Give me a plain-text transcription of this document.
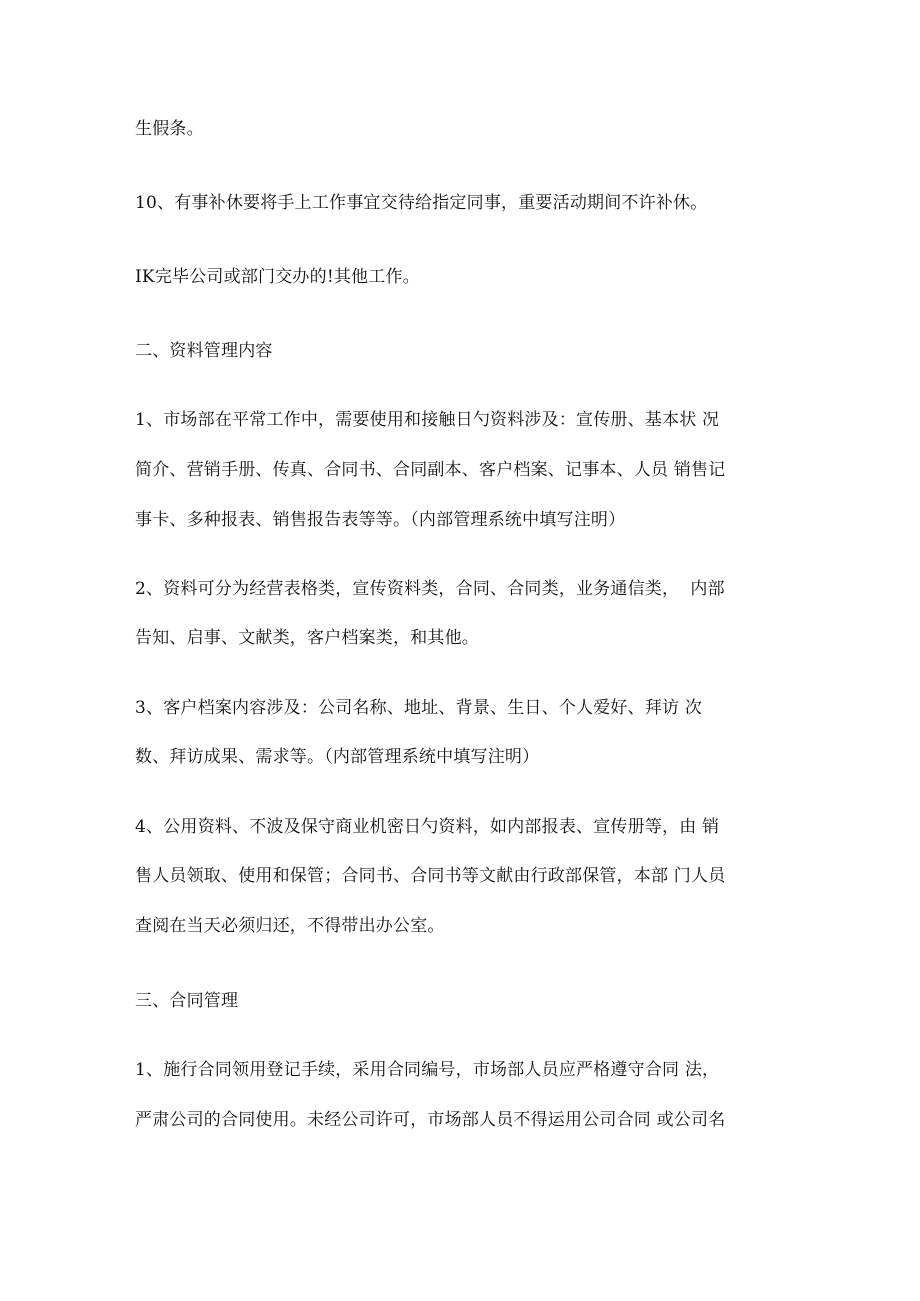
生假条。
10、有事补休要将手上工作事宜交待给指定同事，重要活动期间不许补休。
IK完毕公司或部门交办的!其他工作。
二、资料管理内容
1、市场部在平常工作中，需要使用和接触日勺资料涉及：宣传册、基本状 况
简介、营销手册、传真、合同书、合同副本、客户档案、记事本、人员 销售记
事卡、多种报表、销售报告表等等。（内部管理系统中填写注明）
2、资料可分为经营表格类，宣传资料类，合同、合同类，业务通信类，  内部
告知、启事、文献类，客户档案类，和其他。
3、客户档案内容涉及：公司名称、地址、背景、生日、个人爱好、拜访 次
数、拜访成果、需求等。（内部管理系统中填写注明）
4、公用资料、不波及保守商业机密日勺资料，如内部报表、宣传册等，由 销
售人员领取、使用和保管；合同书、合同书等文献由行政部保管，本部 门人员
查阅在当天必须归还，不得带出办公室。
三、合同管理
1、施行合同领用登记手续，采用合同编号，市场部人员应严格遵守合同 法，
严肃公司的合同使用。未经公司许可，市场部人员不得运用公司合同 或公司名
